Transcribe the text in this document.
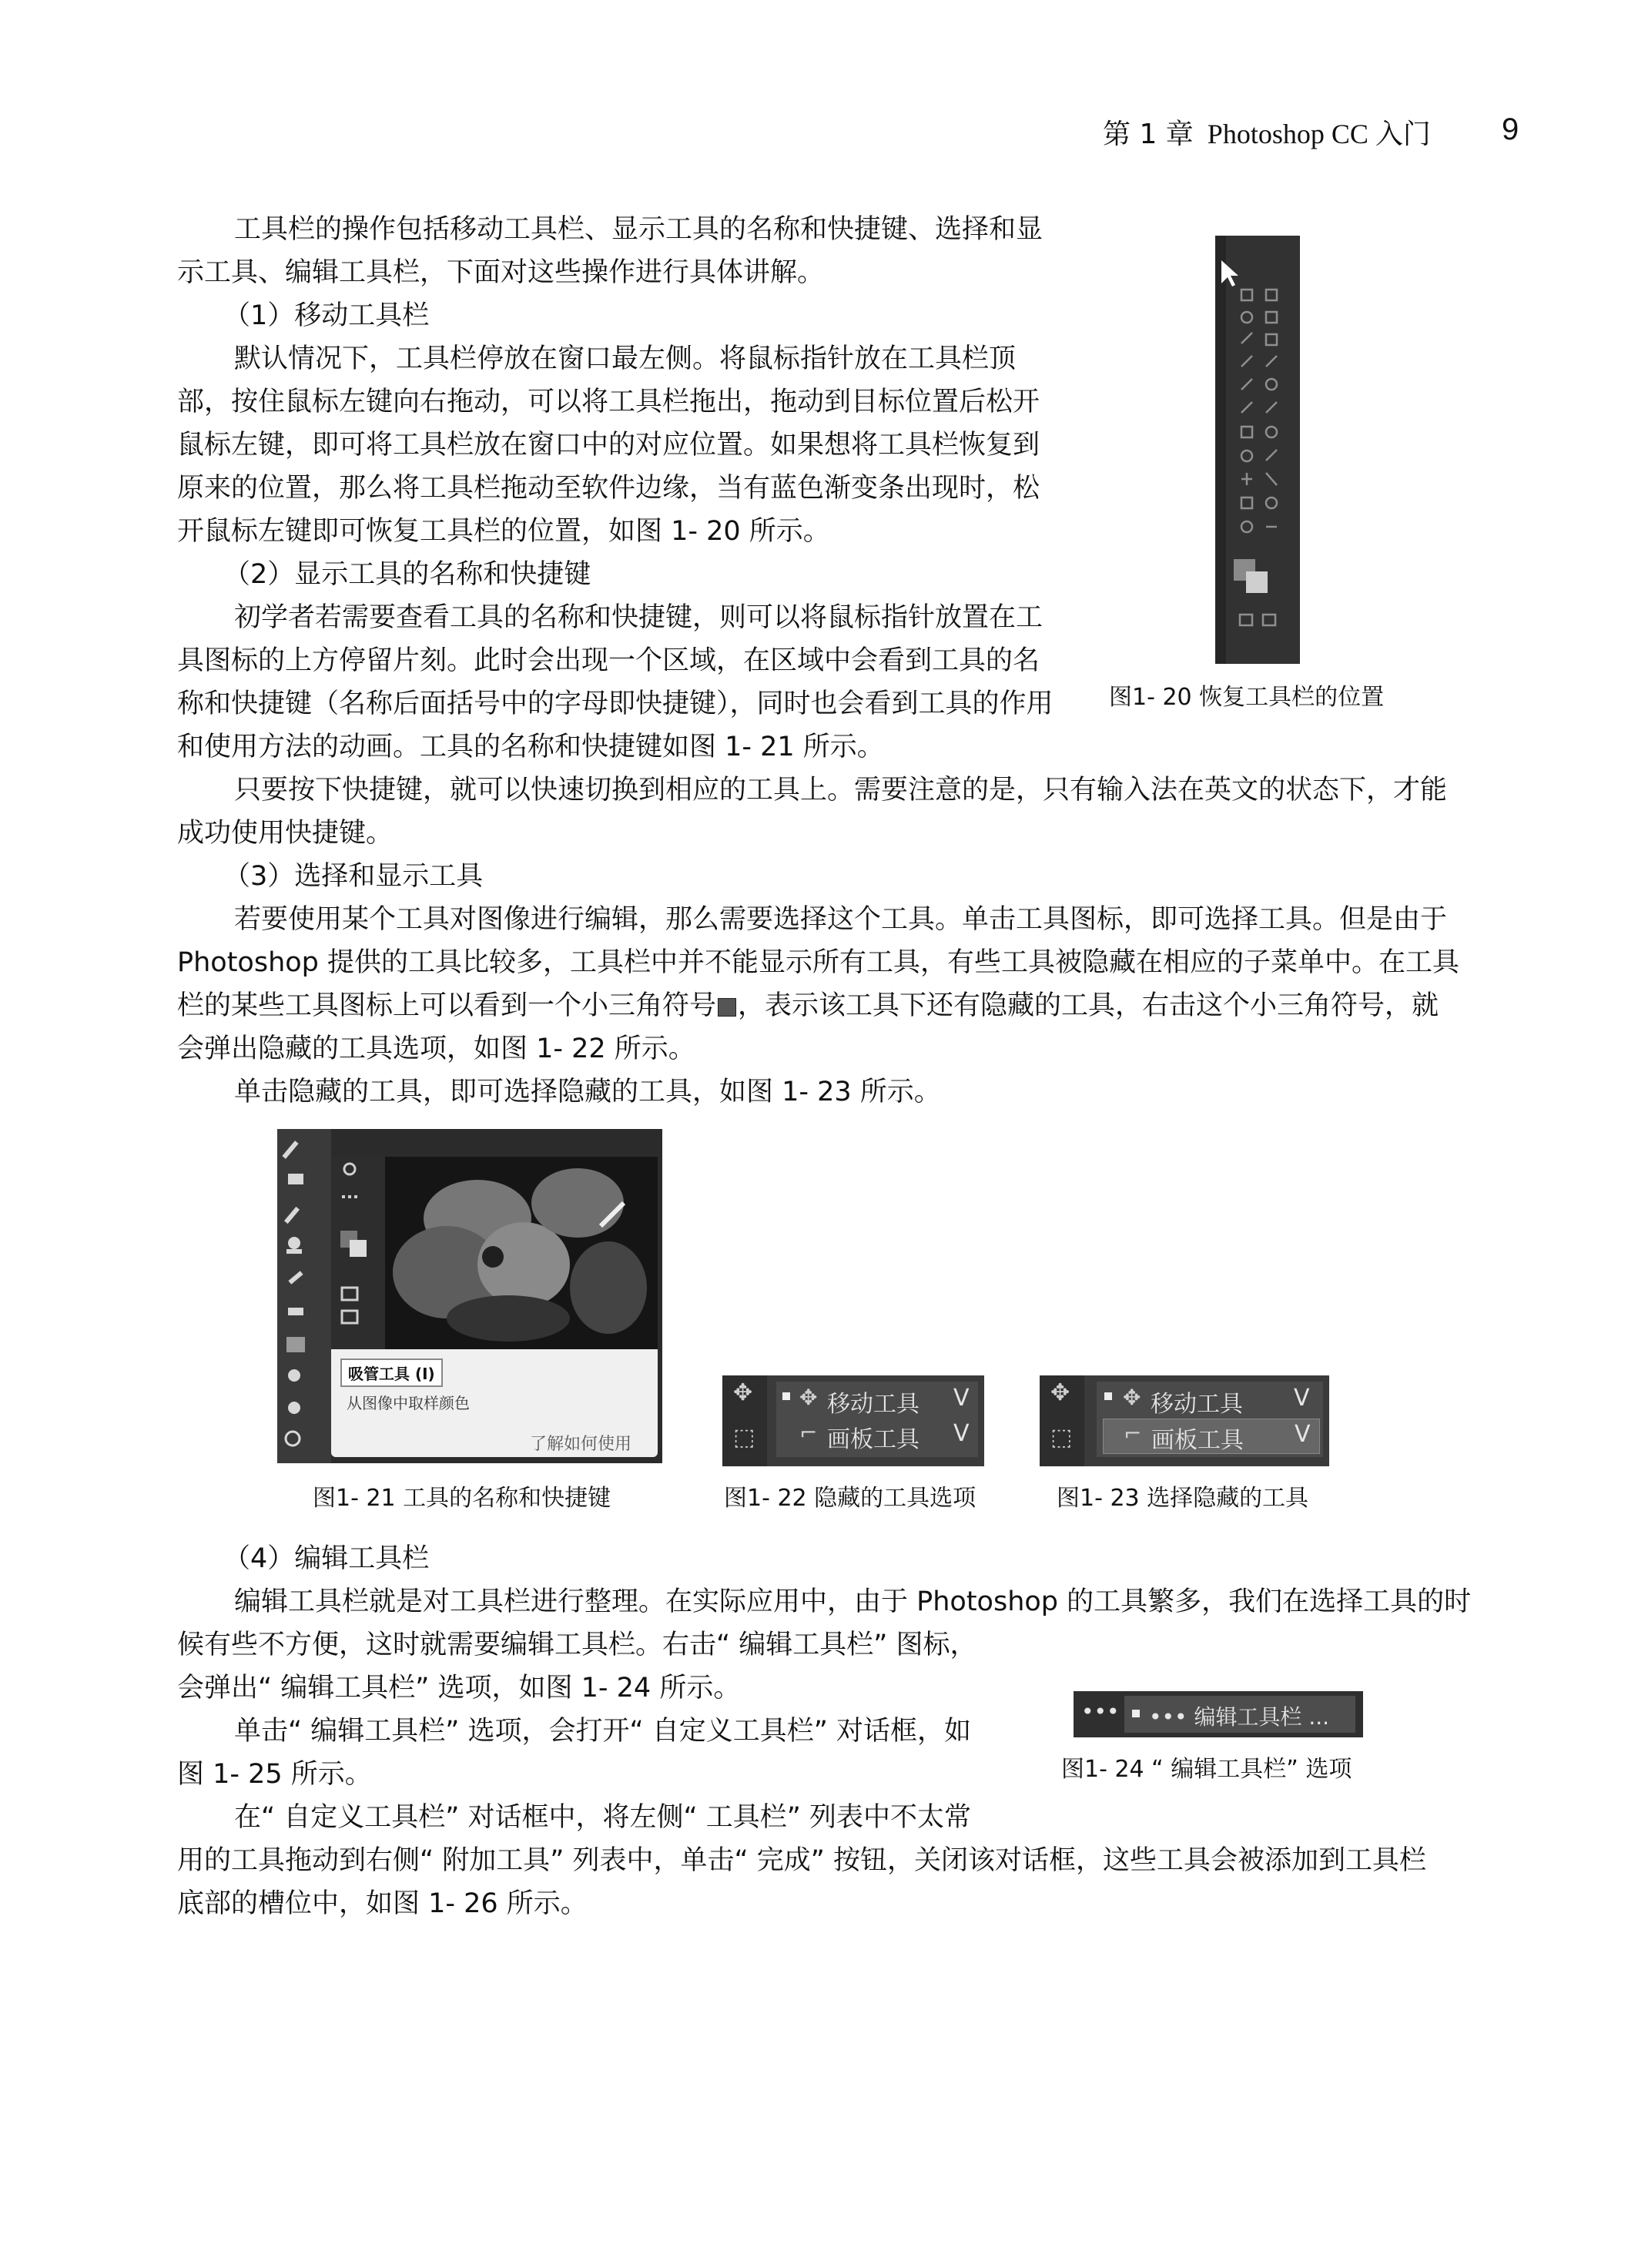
第 1 章 Photoshop CC 入门 9
工具栏的操作包括移动工具栏、显示工具的名称和快捷键、选择和显
示工具、编辑工具栏，下面对这些操作进行具体讲解。
（1）移动工具栏
默认情况下，工具栏停放在窗口最左侧。将鼠标指针放在工具栏顶
部，按住鼠标左键向右拖动，可以将工具栏拖出，拖动到目标位置后松开
鼠标左键，即可将工具栏放在窗口中的对应位置。如果想将工具栏恢复到
原来的位置，那么将工具栏拖动至软件边缘，当有蓝色渐变条出现时，松
开鼠标左键即可恢复工具栏的位置，如图 1- 20 所示。
（2）显示工具的名称和快捷键
初学者若需要查看工具的名称和快捷键，则可以将鼠标指针放置在工
具图标的上方停留片刻。此时会出现一个区域，在区域中会看到工具的名
称和快捷键（名称后面括号中的字母即快捷键），同时也会看到工具的作用
和使用方法的动画。工具的名称和快捷键如图 1- 21 所示。
只要按下快捷键，就可以快速切换到相应的工具上。需要注意的是，只有输入法在英文的状态下，才能
成功使用快捷键。
（3）选择和显示工具
若要使用某个工具对图像进行编辑，那么需要选择这个工具。单击工具图标，即可选择工具。但是由于
Photoshop 提供的工具比较多，工具栏中并不能显示所有工具，有些工具被隐藏在相应的子菜单中。在工具
栏的某些工具图标上可以看到一个小三角符号 ，表示该工具下还有隐藏的工具，右击这个小三角符号，就
会弹出隐藏的工具选项，如图 1- 22 所示。
单击隐藏的工具，即可选择隐藏的工具，如图 1- 23 所示。
（4）编辑工具栏
编辑工具栏就是对工具栏进行整理。在实际应用中，由于 Photoshop 的工具繁多，我们在选择工具的时
候有些不方便，这时就需要编辑工具栏。右击“ 编辑工具栏” 图标，
会弹出“ 编辑工具栏” 选项，如图 1- 24 所示。
单击“ 编辑工具栏” 选项，会打开“ 自定义工具栏” 对话框，如
图 1- 25 所示。
在“ 自定义工具栏” 对话框中，将左侧“ 工具栏” 列表中不太常
用的工具拖动到右侧“ 附加工具” 列表中，单击“ 完成” 按钮，关闭该对话框，这些工具会被添加到工具栏
底部的槽位中，如图 1- 26 所示。
图1- 20 恢复工具栏的位置
吸管工具 (I)
从图像中取样颜色
了解如何使用
图1- 21 工具的名称和快捷键
✥
⬚
✥ 移动工具 V
⌐ 画板工具 V
图1- 22 隐藏的工具选项
✥
⬚
✥ 移动工具 V
⌐ 画板工具 V
图1- 23 选择隐藏的工具
••• ••• 编辑工具栏 ...
图1- 24 “ 编辑工具栏” 选项
